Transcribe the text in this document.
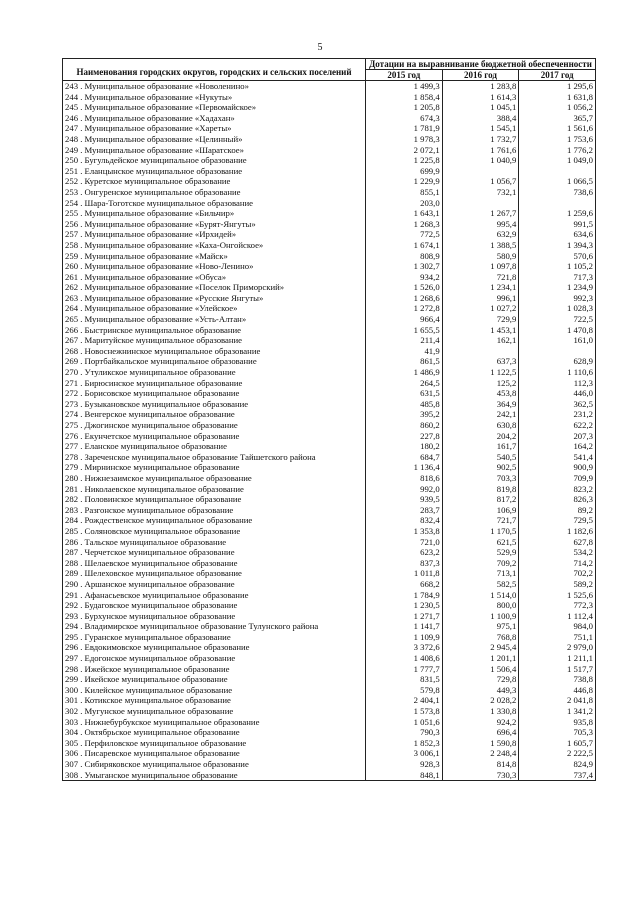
5
Наименования городских округов, городских и сельских поселений	Дотации на выравнивание бюджетной обеспеченности		
	2015 год	2016 год	2017 год
243 . Муниципальное образование «Новоленино»	1 499,3	1 283,8	1 295,6
244 . Муниципальное образование «Нукуты»	1 858,4	1 614,3	1 631,8
245 . Муниципальное образование «Первомайское»	1 205,8	1 045,1	1 056,2
246 . Муниципальное образование «Хадахан»	674,3	388,4	365,7
247 . Муниципальное образование «Хареты»	1 781,9	1 545,1	1 561,6
248 . Муниципальное образование «Целинный»	1 978,3	1 732,7	1 753,6
249 . Муниципальное образование «Шаратское»	2 072,1	1 761,6	1 776,2
250 . Бугульдейское муниципальное образование	1 225,8	1 040,9	1 049,0
251 . Еланцынское муниципальное образование	699,9		
252 . Куретское муниципальное образование	1 229,9	1 056,7	1 066,5
253 . Онгуренское муниципальное образование	855,1	732,1	738,6
254 . Шара-Тоготское муниципальное образование	203,0		
255 . Муниципальное образование «Бильчир»	1 643,1	1 267,7	1 259,6
256 . Муниципальное образование «Бурят-Янгуты»	1 268,3	995,4	991,5
257 . Муниципальное образование «Ирхидей»	772,5	632,9	634,6
258 . Муниципальное образование «Каха-Онгойское»	1 674,1	1 388,5	1 394,3
259 . Муниципальное образование «Майск»	808,9	580,9	570,6
260 . Муниципальное образование «Ново-Ленино»	1 302,7	1 097,8	1 105,2
261 . Муниципальное образование «Обуса»	934,2	721,8	717,3
262 . Муниципальное образование «Поселок Приморский»	1 526,0	1 234,1	1 234,9
263 . Муниципальное образование «Русские Янгуты»	1 268,6	996,1	992,3
264 . Муниципальное образование «Улейское»	1 272,8	1 027,2	1 028,3
265 . Муниципальное образование «Усть-Алтан»	966,4	729,9	722,5
266 . Быстринское муниципальное образование	1 655,5	1 453,1	1 470,8
267 . Маритуйское муниципальное образование	211,4	162,1	161,0
268 . Новоснежнинское муниципальное образование	41,9		
269 . Портбайкальское муниципальное образование	861,5	637,3	628,9
270 . Утуликское муниципальное образование	1 486,9	1 122,5	1 110,6
271 . Бирюсинское муниципальное образование	264,5	125,2	112,3
272 . Борисовское муниципальное образование	631,5	453,8	446,0
273 . Бузыкановское муниципальное образование	485,8	364,9	362,5
274 . Венгерское муниципальное образование	395,2	242,1	231,2
275 . Джогинское муниципальное образование	860,2	630,8	622,2
276 . Екунчетское муниципальное образование	227,8	204,2	207,3
277 . Еланское муниципальное образование	180,2	161,7	164,2
278 . Зареченское муниципальное образование Тайшетского района	684,7	540,5	541,4
279 . Мирнинское муниципальное образование	1 136,4	902,5	900,9
280 . Нижнезаимское муниципальное образование	818,6	703,3	709,9
281 . Николаевское муниципальное образование	992,0	819,8	823,2
282 . Половинское муниципальное образование	939,5	817,2	826,3
283 . Разгонское муниципальное образование	283,7	106,9	89,2
284 . Рождественское муниципальное образование	832,4	721,7	729,5
285 . Соляновское муниципальное образование	1 353,8	1 170,5	1 182,6
286 . Тальское муниципальное образование	721,0	621,5	627,8
287 . Черчетское муниципальное образование	623,2	529,9	534,2
288 . Шелаевское муниципальное образование	837,3	709,2	714,2
289 . Шелеховское муниципальное образование	1 011,8	713,1	702,2
290 . Аршанское муниципальное образование	668,2	582,5	589,2
291 . Афанасьевское муниципальное образование	1 784,9	1 514,0	1 525,6
292 . Будаговское муниципальное образование	1 230,5	800,0	772,3
293 . Бурхунское муниципальное образование	1 271,7	1 100,9	1 112,4
294 . Владимирское муниципальное образование Тулунского района	1 141,7	975,1	984,0
295 . Гуранское муниципальное образование	1 109,9	768,8	751,1
296 . Евдокимовское муниципальное образование	3 372,6	2 945,4	2 979,0
297 . Едогонское муниципальное образование	1 408,6	1 201,1	1 211,1
298 . Ижейское муниципальное образование	1 777,7	1 506,4	1 517,7
299 . Икейское муниципальное образование	831,5	729,8	738,8
300 . Килейское муниципальное образование	579,8	449,3	446,8
301 . Котикское муниципальное образование	2 404,1	2 028,2	2 041,8
302 . Мугунское муниципальное образование	1 573,8	1 330,8	1 341,2
303 . Нижнебурбукское муниципальное образование	1 051,6	924,2	935,8
304 . Октябрьское муниципальное образование	790,3	696,4	705,3
305 . Перфиловское муниципальное образование	1 852,3	1 590,8	1 605,7
306 . Писаревское муниципальное образование	3 006,1	2 248,4	2 222,5
307 . Сибиряковское муниципальное образование	928,3	814,8	824,9
308 . Умыганское муниципальное образование	848,1	730,3	737,4
